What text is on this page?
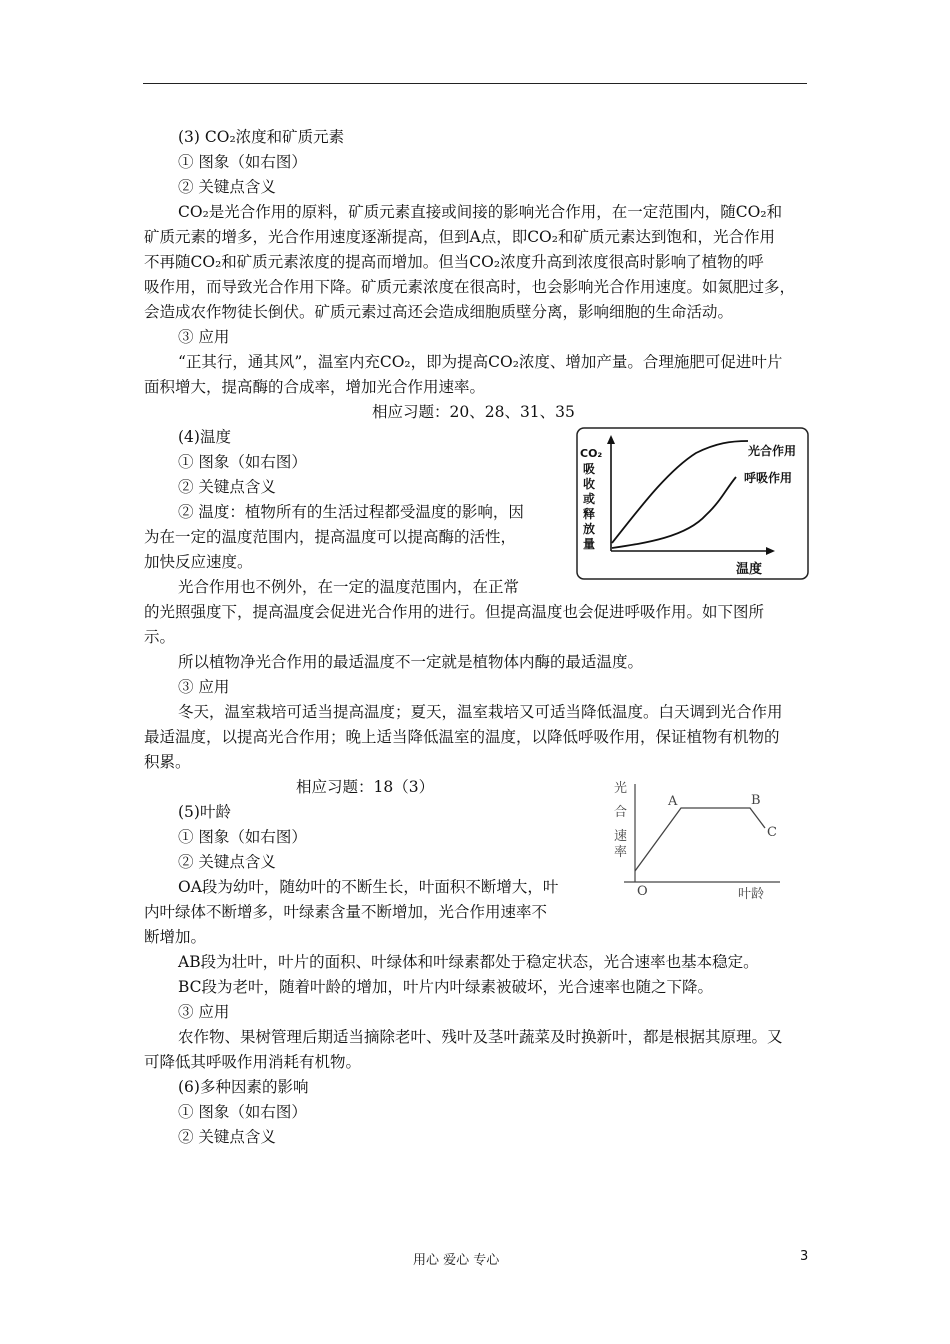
(3) CO₂浓度和矿质元素
① 图象（如右图）
② 关键点含义
CO₂是光合作用的原料，矿质元素直接或间接的影响光合作用，在一定范围内，随CO₂和
矿质元素的增多，光合作用速度逐渐提高，但到A点，即CO₂和矿质元素达到饱和，光合作用
不再随CO₂和矿质元素浓度的提高而增加。但当CO₂浓度升高到浓度很高时影响了植物的呼
吸作用，而导致光合作用下降。矿质元素浓度在很高时，也会影响光合作用速度。如氮肥过多，
会造成农作物徒长倒伏。矿质元素过高还会造成细胞质壁分离，影响细胞的生命活动。
③ 应用
“正其行，通其风”，温室内充CO₂，即为提高CO₂浓度、增加产量。合理施肥可促进叶片
面积增大，提高酶的合成率，增加光合作用速率。
相应习题：20、28、31、35
(4)温度
① 图象（如右图）
② 关键点含义
② 温度：植物所有的生活过程都受温度的影响，因
为在一定的温度范围内，提高温度可以提高酶的活性，
加快反应速度。
光合作用也不例外，在一定的温度范围内，在正常
的光照强度下，提高温度会促进光合作用的进行。但提高温度也会促进呼吸作用。如下图所
示。
所以植物净光合作用的最适温度不一定就是植物体内酶的最适温度。
③ 应用
冬天，温室栽培可适当提高温度；夏天，温室栽培又可适当降低温度。白天调到光合作用
最适温度，以提高光合作用；晚上适当降低温室的温度，以降低呼吸作用，保证植物有机物的
积累。
相应习题：18（3）
(5)叶龄
① 图象（如右图）
② 关键点含义
OA段为幼叶，随幼叶的不断生长，叶面积不断增大，叶
内叶绿体不断增多，叶绿素含量不断增加，光合作用速率不
断增加。
AB段为壮叶，叶片的面积、叶绿体和叶绿素都处于稳定状态，光合速率也基本稳定。
BC段为老叶，随着叶龄的增加，叶片内叶绿素被破坏，光合速率也随之下降。
③ 应用
农作物、果树管理后期适当摘除老叶、残叶及茎叶蔬菜及时换新叶，都是根据其原理。又
可降低其呼吸作用消耗有机物。
(6)多种因素的影响
① 图象（如右图）
② 关键点含义
CO₂
吸
收
或
释
放
量
温度
光合作用
呼吸作用
光
合
速
率
O
A	B
C
叶龄
用心 爱心 专心	3
